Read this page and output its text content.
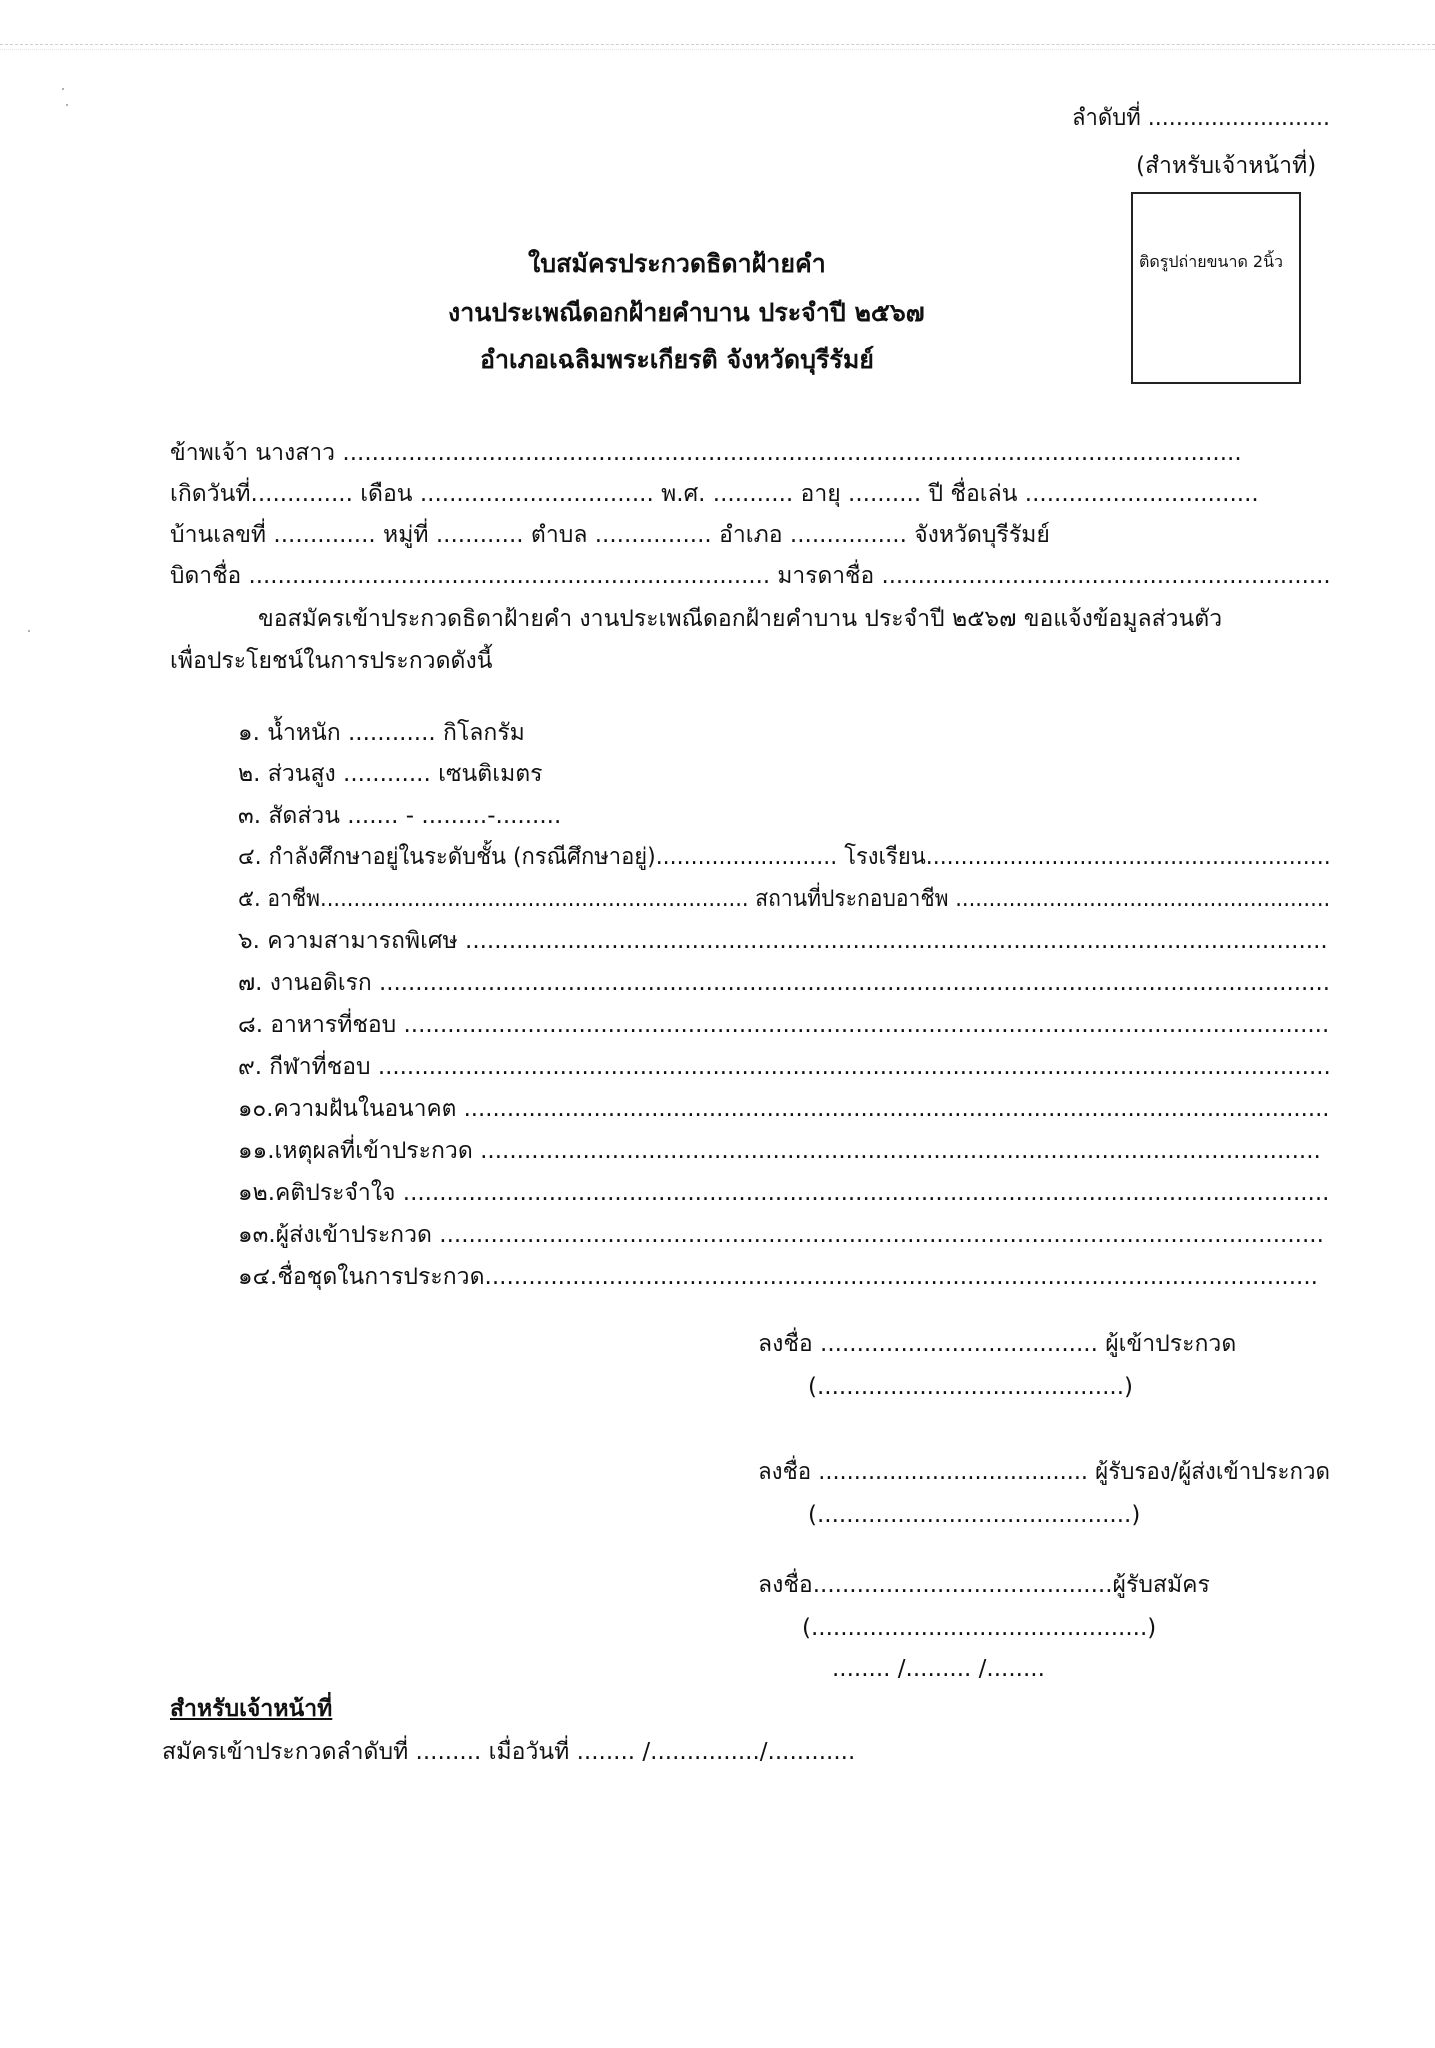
ลำดับที่ ..........................
(สำหรับเจ้าหน้าที่)
ติดรูปถ่ายขนาด 2นิ้ว
ใบสมัครประกวดธิดาฝ้ายคำ
งานประเพณีดอกฝ้ายคำบาน ประจำปี ๒๕๖๗
อำเภอเฉลิมพระเกียรติ จังหวัดบุรีรัมย์
ข้าพเจ้า นางสาว ...........................................................................................................................
เกิดวันที่.............. เดือน ................................ พ.ศ. ........... อายุ .......... ปี ชื่อเล่น ................................
บ้านเลขที่ .............. หมู่ที่ ............ ตำบล ................ อำเภอ ................ จังหวัดบุรีรัมย์
บิดาชื่อ ........................................................................ มารดาชื่อ ..............................................................
ขอสมัครเข้าประกวดธิดาฝ้ายคำ งานประเพณีดอกฝ้ายคำบาน ประจำปี ๒๕๖๗ ขอแจ้งข้อมูลส่วนตัว
เพื่อประโยชน์ในการประกวดดังนี้
๑. น้ำหนัก ............ กิโลกรัม
๒. ส่วนสูง ............ เซนติเมตร
๓. สัดส่วน ....... - .........-.........
๔. กำลังศึกษาอยู่ในระดับชั้น (กรณีศึกษาอยู่).......................... โรงเรียน..........................................................
๕. อาชีพ................................................................ สถานที่ประกอบอาชีพ ........................................................
๖. ความสามารถพิเศษ ......................................................................................................................
๗. งานอดิเรก ...................................................................................................................................
๘. อาหารที่ชอบ ...............................................................................................................................
๙. กีฬาที่ชอบ ...................................................................................................................................
๑๐.ความฝันในอนาคต ........................................................................................................................
๑๑.เหตุผลที่เข้าประกวด ...................................................................................................................
๑๒.คติประจำใจ ...............................................................................................................................
๑๓.ผู้ส่งเข้าประกวด .........................................................................................................................
๑๔.ชื่อชุดในการประกวด..................................................................................................................
ลงชื่อ ...................................... ผู้เข้าประกวด
(..........................................)
ลงชื่อ ...................................... ผู้รับรอง/ผู้ส่งเข้าประกวด
(...........................................)
ลงชื่อ.........................................ผู้รับสมัคร
(..............................................)
........ /......... /........
สำหรับเจ้าหน้าที่
สมัครเข้าประกวดลำดับที่ ......... เมื่อวันที่ ........ /.............../............
